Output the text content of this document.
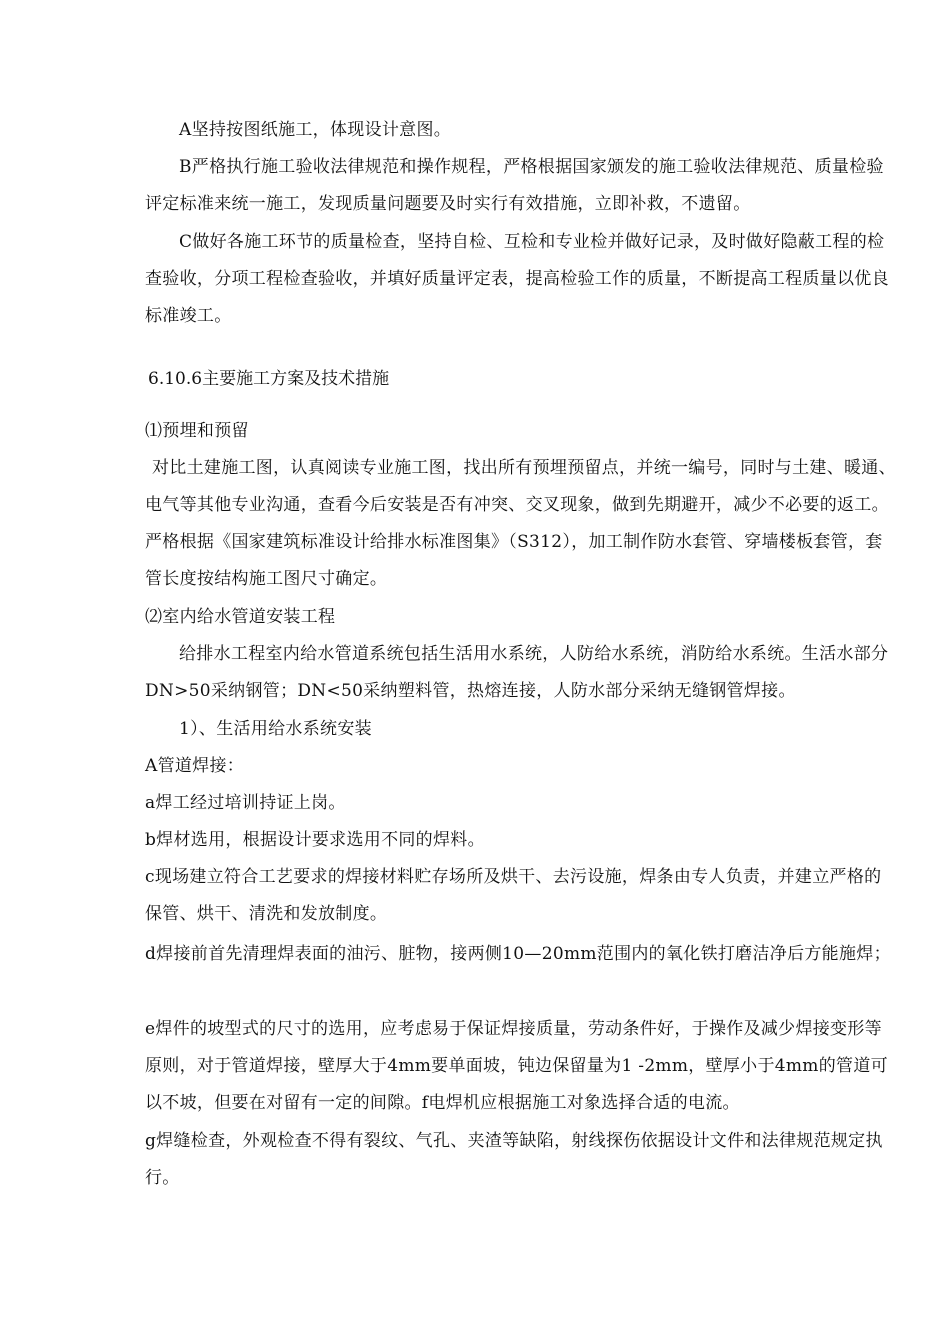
A坚持按图纸施工，体现设计意图。

B严格执行施工验收法律规范和操作规程，严格根据国家颁发的施工验收法律规范、质量检验评定标准来统一施工，发现质量问题要及时实行有效措施，立即补救，不遗留。

C做好各施工环节的质量检查，坚持自检、互检和专业检并做好记录，及时做好隐蔽工程的检查验收，分项工程检查验收，并填好质量评定表，提高检验工作的质量，不断提高工程质量以优良标准竣工。

6.10.6主要施工方案及技术措施

⑴预埋和预留

对比土建施工图，认真阅读专业施工图，找出所有预埋预留点，并统一编号，同时与土建、暖通、电气等其他专业沟通，查看今后安装是否有冲突、交叉现象，做到先期避开，减少不必要的返工。严格根据《国家建筑标准设计给排水标准图集》（S312），加工制作防水套管、穿墙楼板套管，套管长度按结构施工图尺寸确定。

⑵室内给水管道安装工程

给排水工程室内给水管道系统包括生活用水系统，人防给水系统，消防给水系统。生活水部分DN>50采纳钢管；DN<50采纳塑料管，热熔连接，人防水部分采纳无缝钢管焊接。

1）、生活用给水系统安装

A管道焊接：

a焊工经过培训持证上岗。

b焊材选用，根据设计要求选用不同的焊料。

c现场建立符合工艺要求的焊接材料贮存场所及烘干、去污设施，焊条由专人负责，并建立严格的保管、烘干、清洗和发放制度。

d焊接前首先清理焊表面的油污、脏物，接两侧10—20mm范围内的氧化铁打磨洁净后方能施焊；

e焊件的坡型式的尺寸的选用，应考虑易于保证焊接质量，劳动条件好，于操作及减少焊接变形等原则，对于管道焊接，壁厚大于4mm要单面坡，钝边保留量为1 -2mm，壁厚小于4mm的管道可以不坡，但要在对留有一定的间隙。f电焊机应根据施工对象选择合适的电流。

g焊缝检查，外观检查不得有裂纹、气孔、夹渣等缺陷，射线探伤依据设计文件和法律规范规定执行。
